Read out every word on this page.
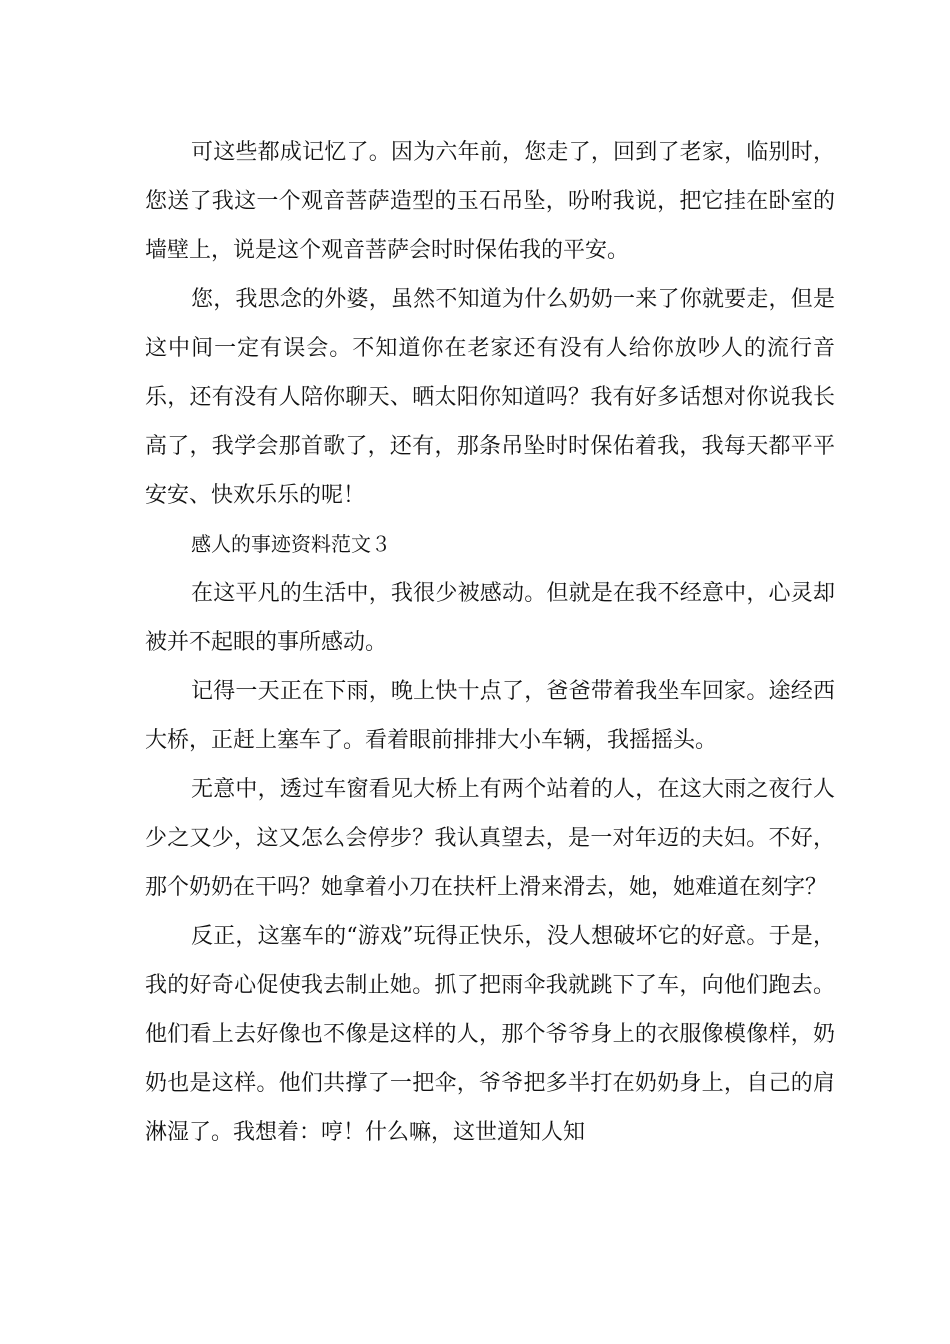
可这些都成记忆了。因为六年前，您走了，回到了老家，临别时，您送了我这一个观音菩萨造型的玉石吊坠，吩咐我说，把它挂在卧室的墙壁上，说是这个观音菩萨会时时保佑我的平安。

您，我思念的外婆，虽然不知道为什么奶奶一来了你就要走，但是这中间一定有误会。不知道你在老家还有没有人给你放吵人的流行音乐，还有没有人陪你聊天、晒太阳你知道吗？我有好多话想对你说我长高了，我学会那首歌了，还有，那条吊坠时时保佑着我，我每天都平平安安、快欢乐乐的呢！

感人的事迹资料范文３

在这平凡的生活中，我很少被感动。但就是在我不经意中，心灵却被并不起眼的事所感动。

记得一天正在下雨，晚上快十点了，爸爸带着我坐车回家。途经西大桥，正赶上塞车了。看着眼前排排大小车辆，我摇摇头。

无意中，透过车窗看见大桥上有两个站着的人，在这大雨之夜行人少之又少，这又怎么会停步？我认真望去，是一对年迈的夫妇。不好，那个奶奶在干吗？她拿着小刀在扶杆上滑来滑去，她，她难道在刻字？

反正，这塞车的“游戏”玩得正快乐，没人想破坏它的好意。于是，我的好奇心促使我去制止她。抓了把雨伞我就跳下了车，向他们跑去。他们看上去好像也不像是这样的人，那个爷爷身上的衣服像模像样，奶奶也是这样。他们共撑了一把伞，爷爷把多半打在奶奶身上，自己的肩淋湿了。我想着：哼！什么嘛，这世道知人知
